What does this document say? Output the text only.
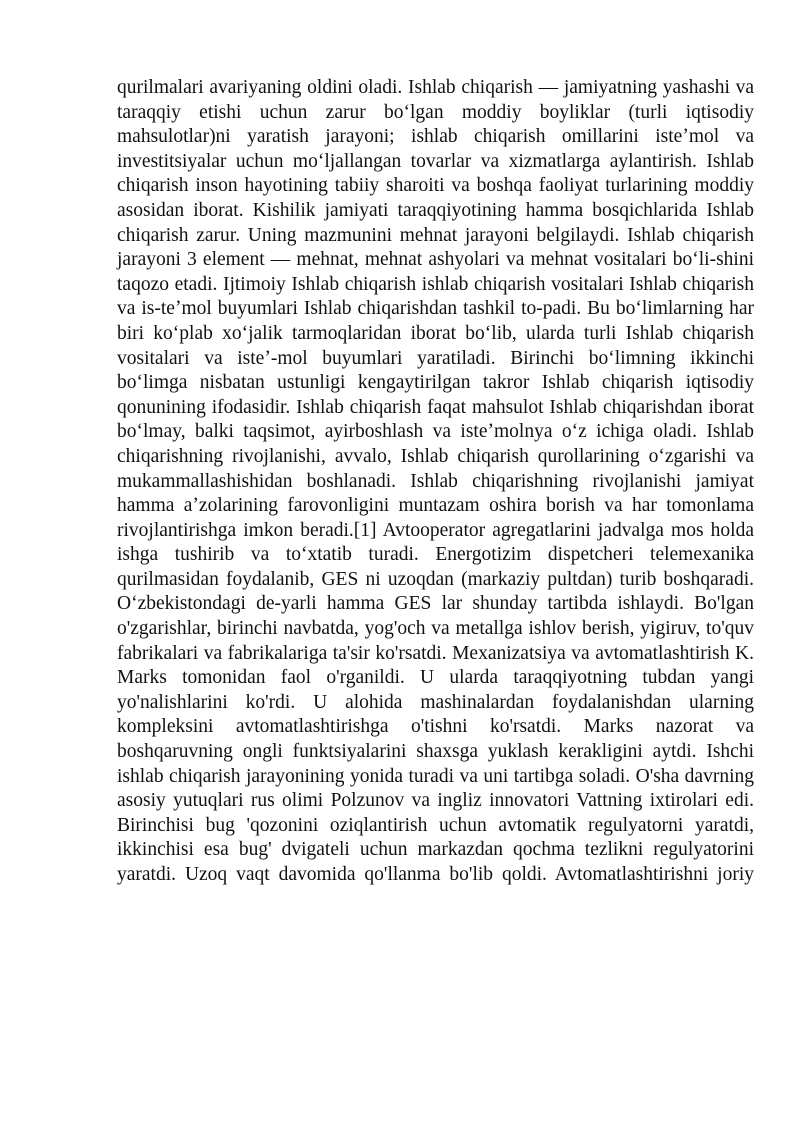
qurilmalari avariyaning oldini oladi. Ishlab chiqarish — jamiyatning yashashi va taraqqiy etishi uchun zarur boʻlgan moddiy boyliklar (turli iqtisodiy mahsulotlar)ni yaratish jarayoni; ishlab chiqarish omillarini isteʼmol va investitsiyalar uchun moʻljallangan tovarlar va xizmatlarga aylantirish. Ishlab chiqarish inson hayotining tabiiy sharoiti va boshqa faoliyat turlarining moddiy asosidan iborat. Kishilik jamiyati taraqqiyotining hamma bosqichlarida Ishlab chiqarish zarur. Uning mazmunini mehnat jarayoni belgilaydi. Ishlab chiqarish jarayoni 3 element — mehnat, mehnat ashyolari va mehnat vositalari boʻli-shini taqozo etadi. Ijtimoiy Ishlab chiqarish ishlab chiqarish vositalari Ishlab chiqarish va is-teʼmol buyumlari Ishlab chiqarishdan tashkil to-padi. Bu boʻlimlarning har biri koʻplab xoʻjalik tarmoqlaridan iborat boʻlib, ularda turli Ishlab chiqarish vositalari va isteʼ-mol buyumlari yaratiladi. Birinchi boʻlimning ikkinchi boʻlimga nisbatan ustunligi kengaytirilgan takror Ishlab chiqarish iqtisodiy qonunining ifodasidir. Ishlab chiqarish faqat mahsulot Ishlab chiqarishdan iborat boʻlmay, balki taqsimot, ayirboshlash va isteʼmolnya oʻz ichiga oladi. Ishlab chiqarishning rivojlanishi, avvalo, Ishlab chiqarish qurollarining oʻzgarishi va mukammallashishidan boshlanadi. Ishlab chiqarishning rivojlanishi jamiyat hamma aʼzolarining farovonligini muntazam oshira borish va har tomonlama rivojlantirishga imkon beradi.[1] Avtooperator agregatlarini jadvalga mos holda ishga tushirib va toʻxtatib turadi. Energotizim dispetcheri telemexanika qurilmasidan foydalanib, GES ni uzoqdan (markaziy pultdan) turib boshqaradi. Oʻzbekistondagi de-yarli hamma GES lar shunday tartibda ishlaydi. Bo'lgan o'zgarishlar, birinchi navbatda, yog'och va metallga ishlov berish, yigiruv, to'quv fabrikalari va fabrikalariga ta'sir ko'rsatdi. Mexanizatsiya va avtomatlashtirish K. Marks tomonidan faol o'rganildi. U ularda taraqqiyotning tubdan yangi yo'nalishlarini ko'rdi. U alohida mashinalardan foydalanishdan ularning kompleksini avtomatlashtirishga o'tishni ko'rsatdi. Marks nazorat va boshqaruvning ongli funktsiyalarini shaxsga yuklash kerakligini aytdi. Ishchi ishlab chiqarish jarayonining yonida turadi va uni tartibga soladi. O'sha davrning asosiy yutuqlari rus olimi Polzunov va ingliz innovatori Vattning ixtirolari edi. Birinchisi bug 'qozonini oziqlantirish uchun avtomatik regulyatorni yaratdi, ikkinchisi esa bug' dvigateli uchun markazdan qochma tezlikni regulyatorini yaratdi. Uzoq vaqt davomida qo'llanma bo'lib qoldi. Avtomatlashtirishni joriy
